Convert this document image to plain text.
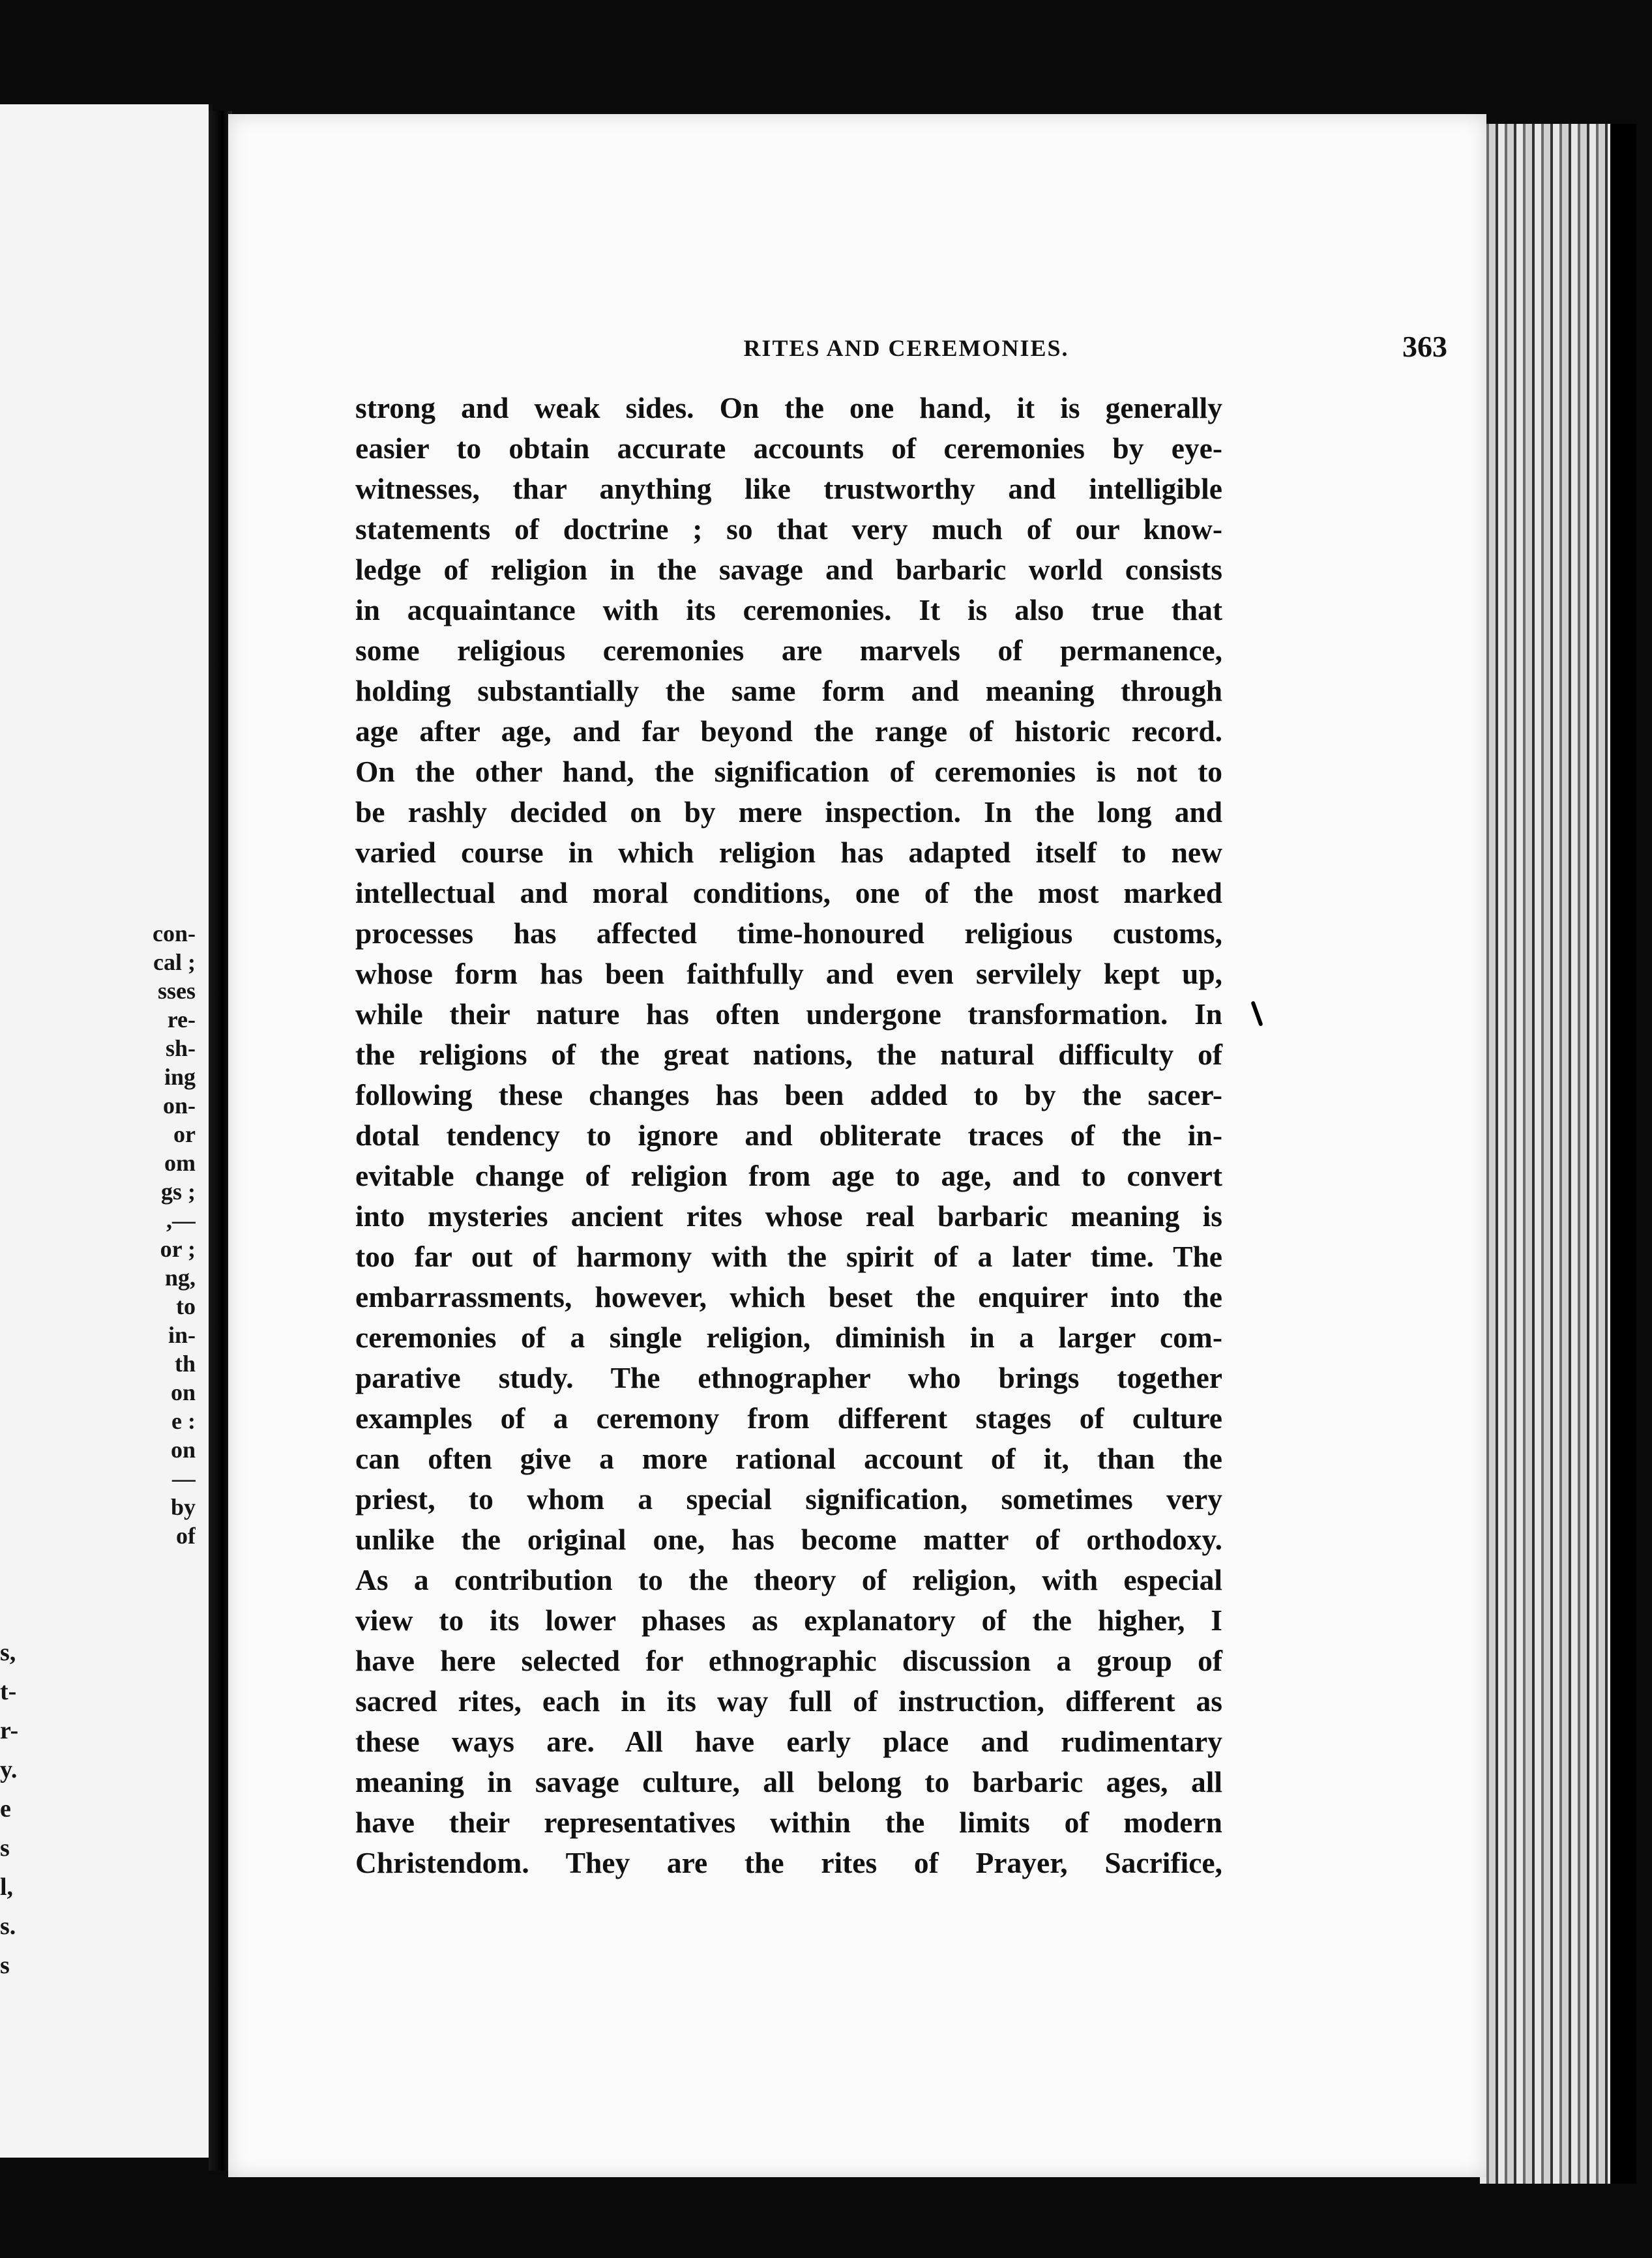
con-
cal ;
sses
re-
sh-
ing
on-
or
om
gs ;
,—
or ;
ng,
to
in-
th
on
e :
on
—
by
of
s,
t-
r-
y.
e
s
l,
s.
s
RITES AND CEREMONIES.	363
strong and weak sides. On the one hand, it is generally
easier to obtain accurate accounts of ceremonies by eye-
witnesses, thar anything like trustworthy and intelligible
statements of doctrine ; so that very much of our know-
ledge of religion in the savage and barbaric world consists
in acquaintance with its ceremonies. It is also true that
some religious ceremonies are marvels of permanence,
holding substantially the same form and meaning through
age after age, and far beyond the range of historic record.
On the other hand, the signification of ceremonies is not to
be rashly decided on by mere inspection. In the long and
varied course in which religion has adapted itself to new
intellectual and moral conditions, one of the most marked
processes has affected time-honoured religious customs,
whose form has been faithfully and even servilely kept up,
while their nature has often undergone transformation. In
the religions of the great nations, the natural difficulty of
following these changes has been added to by the sacer-
dotal tendency to ignore and obliterate traces of the in-
evitable change of religion from age to age, and to convert
into mysteries ancient rites whose real barbaric meaning is
too far out of harmony with the spirit of a later time. The
embarrassments, however, which beset the enquirer into the
ceremonies of a single religion, diminish in a larger com-
parative study. The ethnographer who brings together
examples of a ceremony from different stages of culture
can often give a more rational account of it, than the
priest, to whom a special signification, sometimes very
unlike the original one, has become matter of orthodoxy.
As a contribution to the theory of religion, with especial
view to its lower phases as explanatory of the higher, I
have here selected for ethnographic discussion a group of
sacred rites, each in its way full of instruction, different as
these ways are. All have early place and rudimentary
meaning in savage culture, all belong to barbaric ages, all
have their representatives within the limits of modern
Christendom. They are the rites of Prayer, Sacrifice,
